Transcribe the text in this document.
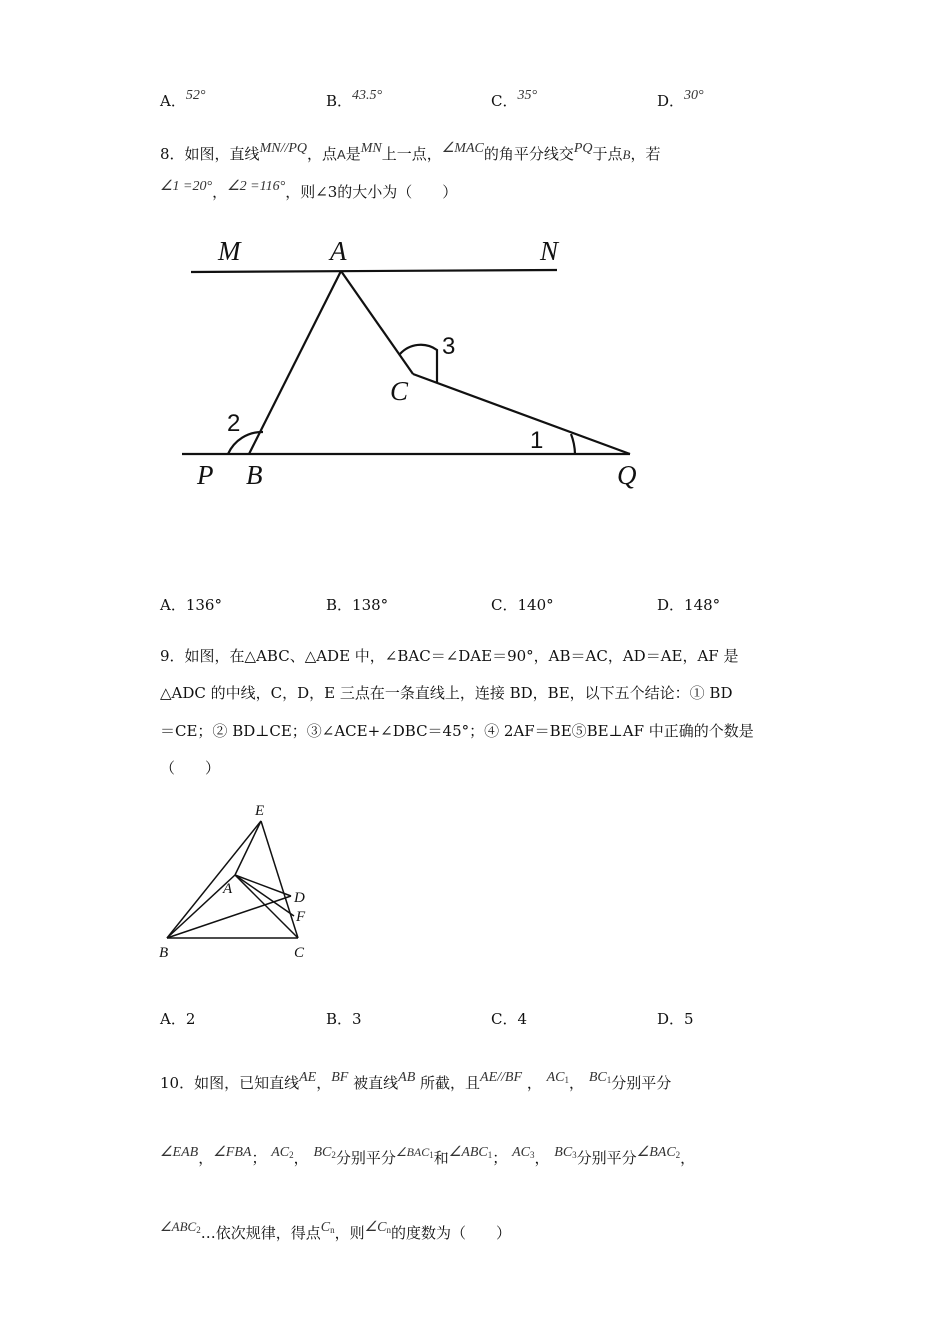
A．52°	B．43.5°	C．35°	D．30°
8．如图，直线MN//PQ，点A是MN上一点，∠MAC的角平分线交PQ于点B，若
∠1 =20°，∠2 =116°，则∠3的大小为（　　）
M	A	N
C
P B	Q
2
3
1
A．136°	B．138°	C．140°	D．148°
9．如图，在△ABC、△ADE 中，∠BAC＝∠DAE＝90°，AB＝AC，AD＝AE，AF 是
△ADC 的中线，C，D，E 三点在一条直线上，连接 BD，BE，以下五个结论：① BD
＝CE；② BD⊥CE；③∠ACE+∠DBC＝45°；④ 2AF＝BE⑤BE⊥AF 中正确的个数是
（　　）
E
A
D
F
B	C
A．2	B．3	C．4	D．5
10．如图，已知直线AE，BF 被直线AB 所截，且AE//BF ， $AC_1$， $BC_1$分别平分
∠EAB，∠FBA； $AC_2$， $BC_2$分别平分$^{\angle BAC_1}$和$\angle ABC_1$； $AC_3$， $BC_3$分别平分$\angle BAC_2$，
$\angle ABC_2\dots$依次规律，得点$C_n$，则$\angle C_n$的度数为（　　）
